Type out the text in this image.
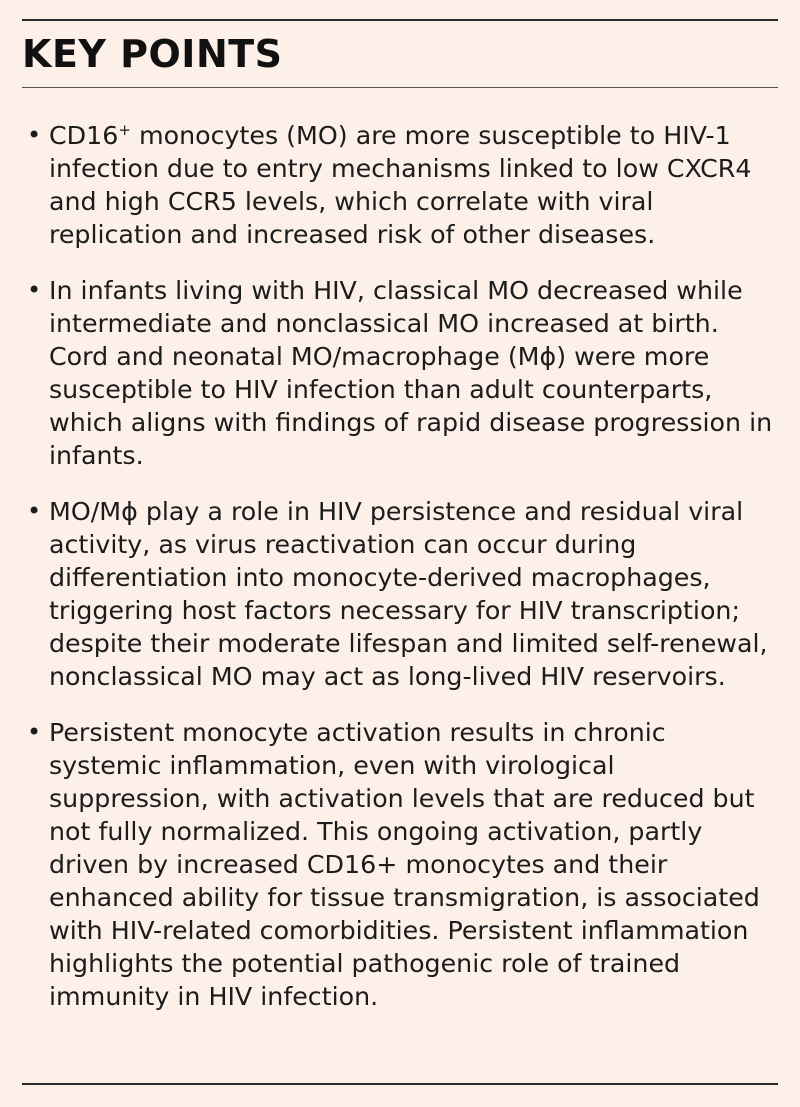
KEY POINTS
• CD16+ monocytes (MO) are more susceptible to HIV-1 infection due to entry mechanisms linked to low CXCR4 and high CCR5 levels, which correlate with viral replication and increased risk of other diseases.
• In infants living with HIV, classical MO decreased while intermediate and nonclassical MO increased at birth. Cord and neonatal MO/macrophage (Mϕ) were more susceptible to HIV infection than adult counterparts, which aligns with findings of rapid disease progression in infants.
• MO/Mϕ play a role in HIV persistence and residual viral activity, as virus reactivation can occur during differentiation into monocyte-derived macrophages, triggering host factors necessary for HIV transcription; despite their moderate lifespan and limited self-renewal, nonclassical MO may act as long-lived HIV reservoirs.
• Persistent monocyte activation results in chronic systemic inflammation, even with virological suppression, with activation levels that are reduced but not fully normalized. This ongoing activation, partly driven by increased CD16+ monocytes and their enhanced ability for tissue transmigration, is associated with HIV-related comorbidities. Persistent inflammation highlights the potential pathogenic role of trained immunity in HIV infection.
